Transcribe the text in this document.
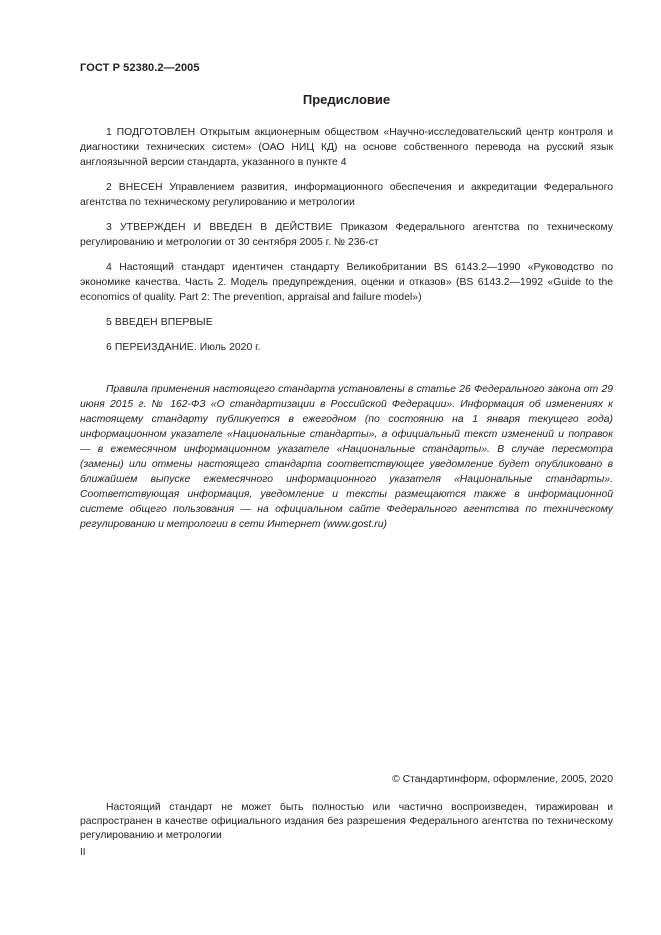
ГОСТ Р 52380.2—2005
Предисловие

1 ПОДГОТОВЛЕН Открытым акционерным обществом «Научно-исследовательский центр контроля и диагностики технических систем» (ОАО НИЦ КД) на основе собственного перевода на русский язык англоязычной версии стандарта, указанного в пункте 4

2 ВНЕСЕН Управлением развития, информационного обеспечения и аккредитации Федерального агентства по техническому регулированию и метрологии

3 УТВЕРЖДЕН И ВВЕДЕН В ДЕЙСТВИЕ Приказом Федерального агентства по техническому регулированию и метрологии от 30 сентября 2005 г. № 236-ст

4 Настоящий стандарт идентичен стандарту Великобритании BS 6143.2—1990 «Руководство по экономике качества. Часть 2. Модель предупреждения, оценки и отказов» (BS 6143.2—1992 «Guide to the economics of quality. Part 2: The prevention, appraisal and failure model»)

5 ВВЕДЕН ВПЕРВЫЕ

6 ПЕРЕИЗДАНИЕ. Июль 2020 г.

Правила применения настоящего стандарта установлены в статье 26 Федерального закона от 29 июня 2015 г. № 162-ФЗ «О стандартизации в Российской Федерации». Информация об изменениях к настоящему стандарту публикуется в ежегодном (по состоянию на 1 января текущего года) информационном указателе «Национальные стандарты», а официальный текст изменений и поправок — в ежемесячном информационном указателе «Национальные стандарты». В случае пересмотра (замены) или отмены настоящего стандарта соответствующее уведомление будет опубликовано в ближайшем выпуске ежемесячного информационного указателя «Национальные стандарты». Соответствующая информация, уведомление и тексты размещаются также в информационной системе общего пользования — на официальном сайте Федерального агентства по техническому регулированию и метрологии в сети Интернет (www.gost.ru)

© Стандартинформ, оформление, 2005, 2020

Настоящий стандарт не может быть полностью или частично воспроизведен, тиражирован и распространен в качестве официального издания без разрешения Федерального агентства по техническому регулированию и метрологии

II
